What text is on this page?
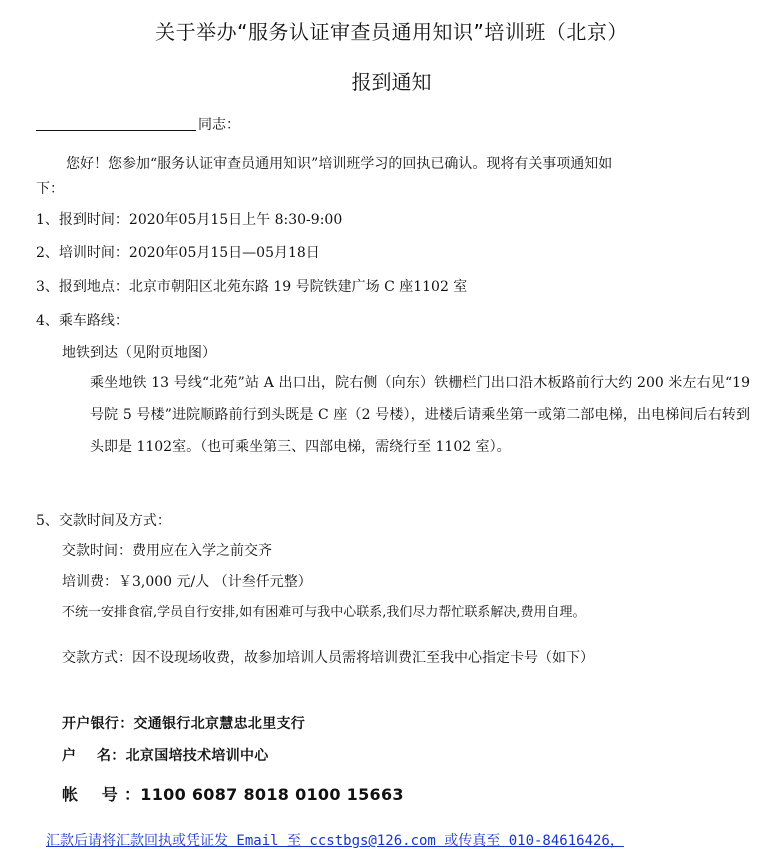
关于举办“服务认证审查员通用知识”培训班（北京）
报到通知
同志：
您好！您参加“服务认证审查员通用知识”培训班学习的回执已确认。现将有关事项通知如
下：
1、报到时间：2020年05月15日上午 8:30-9:00
2、培训时间：2020年05月15日—05月18日
3、报到地点：北京市朝阳区北苑东路 19 号院铁建广场 C 座1102 室
4、乘车路线：
地铁到达（见附页地图）
乘坐地铁 13 号线“北苑”站 A 出口出，院右侧（向东）铁栅栏门出口沿木板路前行大约 200 米左右见“19 号院 5 号楼”进院顺路前行到头既是 C 座（2 号楼），进楼后请乘坐第一或第二部电梯，出电梯间后右转到头即是 1102室。（也可乘坐第三、四部电梯，需绕行至 1102 室）。
5、交款时间及方式：
交款时间：费用应在入学之前交齐
培训费：￥3,000 元/人 （计叁仟元整）
不统一安排食宿,学员自行安排,如有困难可与我中心联系,我们尽力帮忙联系解决,费用自理。
交款方式：因不设现场收费，故参加培训人员需将培训费汇至我中心指定卡号（如下）
开户银行：交通银行北京慧忠北里支行
户    名：北京国培技术培训中心
帐    号 ：1100 6087 8018 0100 15663
汇款后请将汇款回执或凭证发 Email 至 ccstbgs@126.com 或传真至 010-84616426，
